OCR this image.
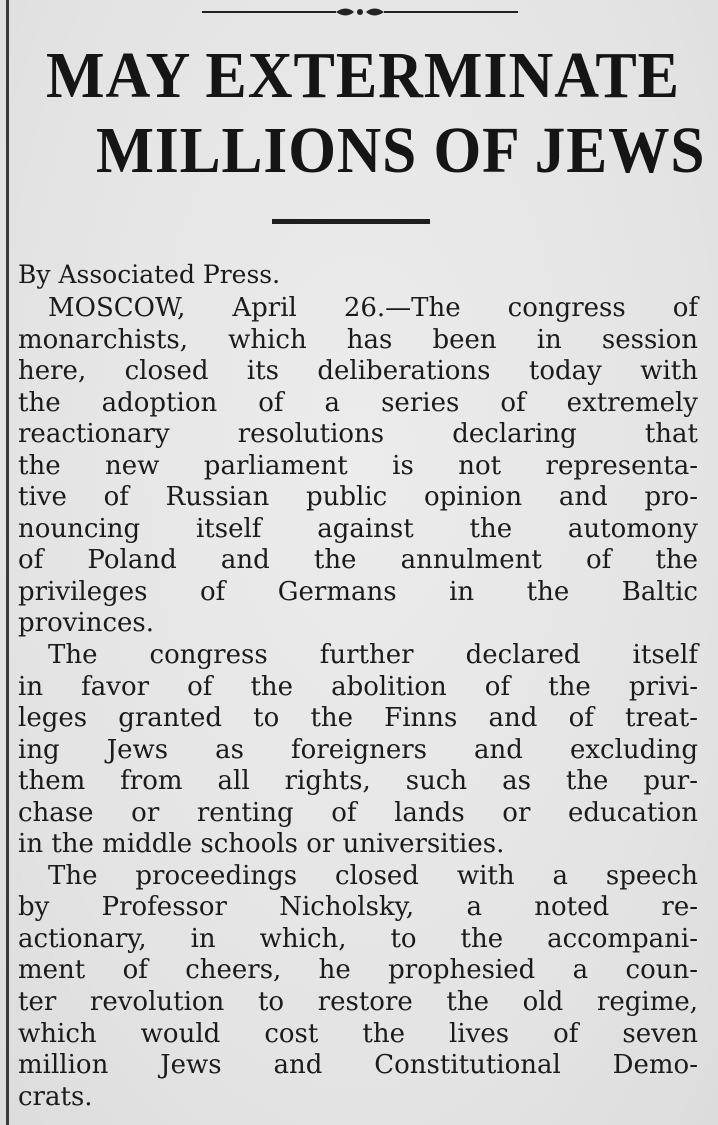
MAY EXTERMINATE
MILLIONS OF JEWS
By Associated Press.
MOSCOW, April 26.—The congress of
monarchists, which has been in session
here, closed its deliberations today with
the adoption of a series of extremely
reactionary resolutions declaring that
the new parliament is not representa-
tive of Russian public opinion and pro-
nouncing itself against the automony
of Poland and the annulment of the
privileges of Germans in the Baltic
provinces.
The congress further declared itself
in favor of the abolition of the privi-
leges granted to the Finns and of treat-
ing Jews as foreigners and excluding
them from all rights, such as the pur-
chase or renting of lands or education
in the middle schools or universities.
The proceedings closed with a speech
by Professor Nicholsky, a noted re-
actionary, in which, to the accompani-
ment of cheers, he prophesied a coun-
ter revolution to restore the old regime,
which would cost the lives of seven
million Jews and Constitutional Demo-
crats.
